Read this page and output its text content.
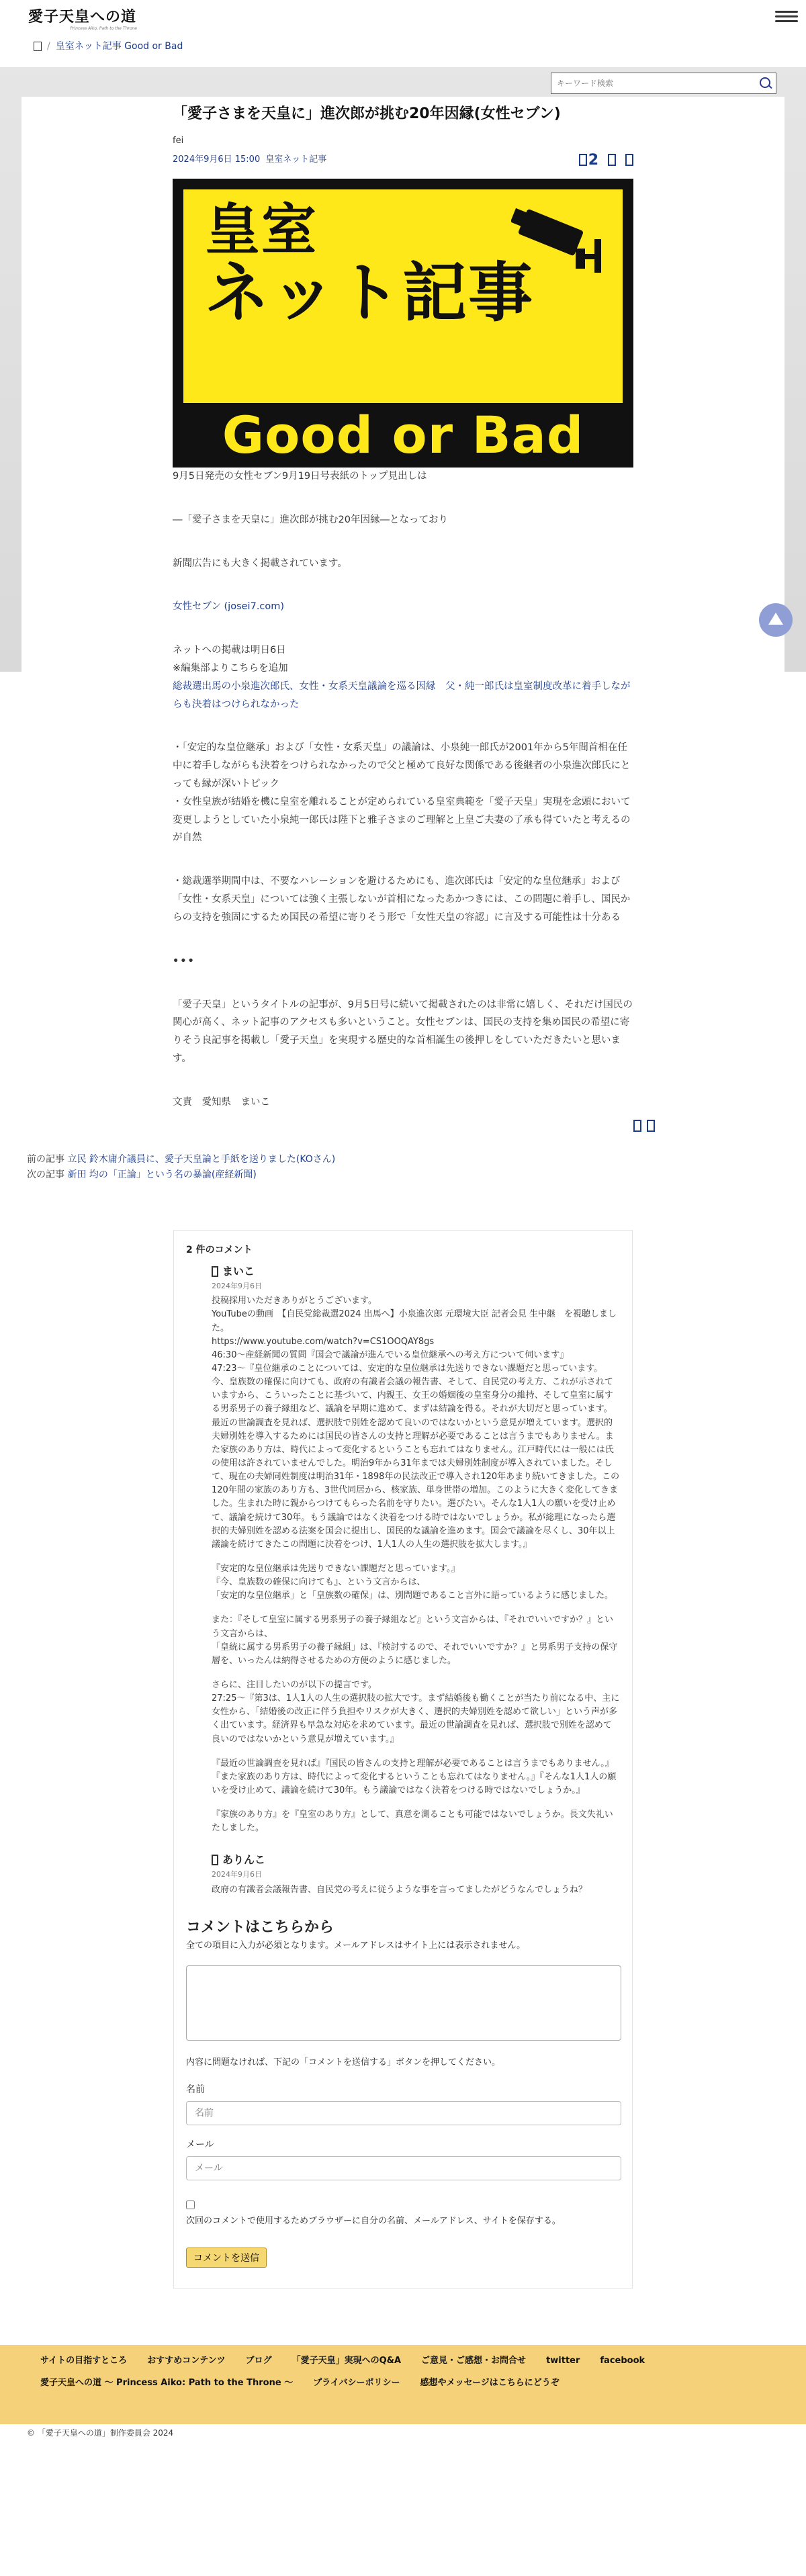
愛子天皇への道
Princess Aiko, Path to the Throne
/ 皇室ネット記事 Good or Bad
キーワード検索
「愛子さまを天皇に」進次郎が挑む20年因縁(女性セブン)
fei
2024年9月6日 15:00 皇室ネット記事	2
皇室
ネット記事
Good or Bad

9月5日発売の女性セブン9月19日号表紙のトップ見出しは

―「愛子さまを天皇に」進次郎が挑む20年因縁―となっており

新聞広告にも大きく掲載されています。

女性セブン (josei7.com)

ネットへの掲載は明日6日

※編集部よりこちらを追加

総裁選出馬の小泉進次郎氏、女性・女系天皇議論を巡る因縁　父・純一郎氏は皇室制度改革に着手しながらも決着はつけられなかった

・「安定的な皇位継承」および「女性・女系天皇」の議論は、小泉純一郎氏が2001年から5年間首相在任中に着手しながらも決着をつけられなかったので父と極めて良好な関係である後継者の小泉進次郎氏にとっても縁が深いトピック

・女性皇族が結婚を機に皇室を離れることが定められている皇室典範を「愛子天皇」実現を念頭において変更しようとしていた小泉純一郎氏は陛下と雅子さまのご理解と上皇ご夫妻の了承も得ていたと考えるのが自然

・総裁選挙期間中は、不要なハレーションを避けるためにも、進次郎氏は「安定的な皇位継承」および「女性・女系天皇」については強く主張しないが首相になったあかつきには、この問題に着手し、国民からの支持を強固にするため国民の希望に寄りそう形で「女性天皇の容認」に言及する可能性は十分ある

•••

「愛子天皇」というタイトルの記事が、9月5日号に続いて掲載されたのは非常に嬉しく、それだけ国民の関心が高く、ネット記事のアクセスも多いということ。女性セブンは、国民の支持を集め国民の希望に寄りそう良記事を掲載し「愛子天皇」を実現する歴史的な首相誕生の後押しをしていただきたいと思います。

文責　愛知県　まいこ

前の記事 立民 鈴木庸介議員に、愛子天皇論と手紙を送りました(KOさん)
次の記事 新田 均の「正論」という名の暴論(産経新聞)
2 件のコメント
まいこ
2024年9月6日

投稿採用いただきありがとうございます。

YouTubeの動画　【自民党総裁選2024 出馬へ】小泉進次郎 元環境大臣 記者会見 生中継　を視聴しました。

https://www.youtube.com/watch?v=CS1OOQAY8gs

46:30～産経新聞の質問『国会で議論が進んでいる皇位継承への考え方について伺います』

47:23～『皇位継承のことについては、安定的な皇位継承は先送りできない課題だと思っています。今、皇族数の確保に向けても、政府の有識者会議の報告書、そして、自民党の考え方、これが示されていますから、こういったことに基づいて、内親王、女王の婚姻後の皇室身分の維持、そして皇室に属する男系男子の養子縁組など、議論を早期に進めて、まずは結論を得る。それが大切だと思っています。最近の世論調査を見れば、選択肢で別姓を認めて良いのではないかという意見が増えています。選択的夫婦別姓を導入するためには国民の皆さんの支持と理解が必要であることは言うまでもありません。また家族のあり方は、時代によって変化するということも忘れてはなりません。江戸時代には一般には氏の使用は許されていませんでした。明治9年から31年までは夫婦別姓制度が導入されていました。そして、現在の夫婦同姓制度は明治31年・1898年の民法改正で導入され120年あまり続いてきました。この120年間の家族のあり方も、3世代同居から、核家族、単身世帯の増加。このように大きく変化してきました。生まれた時に親からつけてもらった名前を守りたい。選びたい。そんな1人1人の願いを受け止めて、議論を続けて30年。もう議論ではなく決着をつける時ではないでしょうか。私が総理になったら選択的夫婦別姓を認める法案を国会に提出し、国民的な議論を進めます。国会で議論を尽くし、30年以上議論を続けてきたこの問題に決着をつけ、1人1人の人生の選択肢を拡大します。』

『安定的な皇位継承は先送りできない課題だと思っています。』

『今、皇族数の確保に向けても』、という文言からは、

「安定的な皇位継承」と「皇族数の確保」は、別問題であること言外に語っているように感じました。

また：『そして皇室に属する男系男子の養子縁組など』という文言からは、『それでいいですか？』という文言からは、

「皇統に属する男系男子の養子縁組」は、『検討するので、それでいいですか？』と男系男子支持の保守層を、いったんは納得させるための方便のように感じました。

さらに、注目したいのが以下の提言です。

27:25～『第3は、1人1人の人生の選択肢の拡大です。まず結婚後も働くことが当たり前になる中、主に女性から、「結婚後の改正に伴う負担やリスクが大きく、選択的夫婦別姓を認めて欲しい」という声が多く出ています。経済界も早急な対応を求めています。最近の世論調査を見れば、選択肢で別姓を認めて良いのではないかという意見が増えています。』

『最近の世論調査を見れば』『国民の皆さんの支持と理解が必要であることは言うまでもありません。』『また家族のあり方は、時代によって変化するということも忘れてはなりません。』『そんな1人1人の願いを受け止めて、議論を続けて30年。もう議論ではなく決着をつける時ではないでしょうか。』

『家族のあり方』を『皇室のあり方』として、真意を測ることも可能ではないでしょうか。長文失礼いたしました。

ありんこ
2024年9月6日

政府の有識者会議報告書、自民党の考えに従うような事を言ってましたがどうなんでしょうね？

コメントはこちらから

全ての項目に入力が必須となります。メールアドレスはサイト上には表示されません。

内容に問題なければ、下記の「コメントを送信する」ボタンを押してください。

名前
名前
メール
メール

次回のコメントで使用するためブラウザーに自分の名前、メールアドレス、サイトを保存する。
コメントを送信
サイトの目指すところ おすすめコンテンツ ブログ 「愛子天皇」実現へのQ&A ご意見・ご感想・お問合せ twitter facebook
愛子天皇への道 〜 Princess Aiko: Path to the Throne 〜 プライバシーポリシー 感想やメッセージはこちらにどうぞ
© 「愛子天皇への道」制作委員会 2024
